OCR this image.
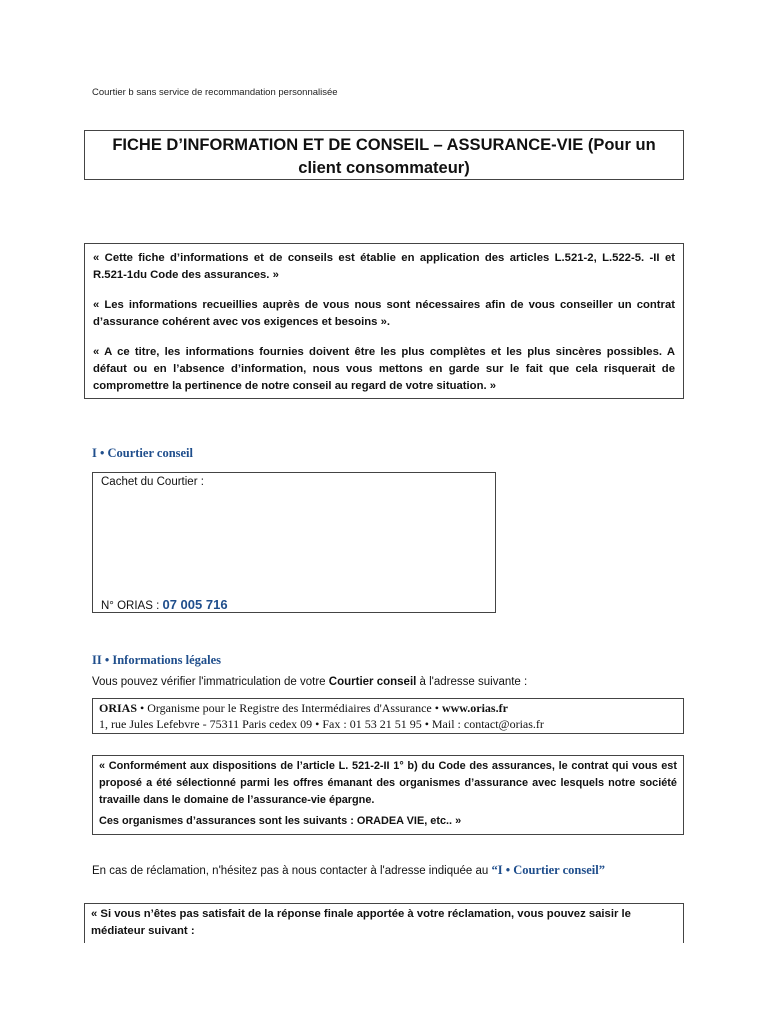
Courtier b sans service de recommandation personnalisée
FICHE D’INFORMATION ET DE CONSEIL – ASSURANCE-VIE (Pour un
client consommateur)

« Cette fiche d’informations et de conseils est établie en application des articles L.521-2, L.522-5. -II et R.521-1du Code des assurances. »

« Les informations recueillies auprès de vous nous sont nécessaires afin de vous conseiller un contrat d’assurance cohérent avec vos exigences et besoins ».

« A ce titre, les informations fournies doivent être les plus complètes et les plus sincères possibles. A défaut ou en l’absence d’information, nous vous mettons en garde sur le fait que cela risquerait de compromettre la pertinence de notre conseil au regard de votre situation. »

I • Courtier conseil
Cachet du Courtier :
N° ORIAS : 07 005 716
II • Informations légales
Vous pouvez vérifier l'immatriculation de votre Courtier conseil à l'adresse suivante :
ORIAS • Organisme pour le Registre des Intermédiaires d'Assurance • www.orias.fr
1, rue Jules Lefebvre - 75311 Paris cedex 09 • Fax : 01 53 21 51 95 • Mail : contact@orias.fr

« Conformément aux dispositions de l’article L. 521-2-II 1° b) du Code des assurances, le contrat qui vous est proposé a été sélectionné parmi les offres émanant des organismes d’assurance avec lesquels notre société travaille dans le domaine de l’assurance-vie épargne.

Ces organismes d’assurances sont les suivants : ORADEA VIE, etc.. »

En cas de réclamation, n'hésitez pas à nous contacter à l'adresse indiquée au “I • Courtier conseil”
« Si vous n’êtes pas satisfait de la réponse finale apportée à votre réclamation, vous pouvez saisir le médiateur suivant :
